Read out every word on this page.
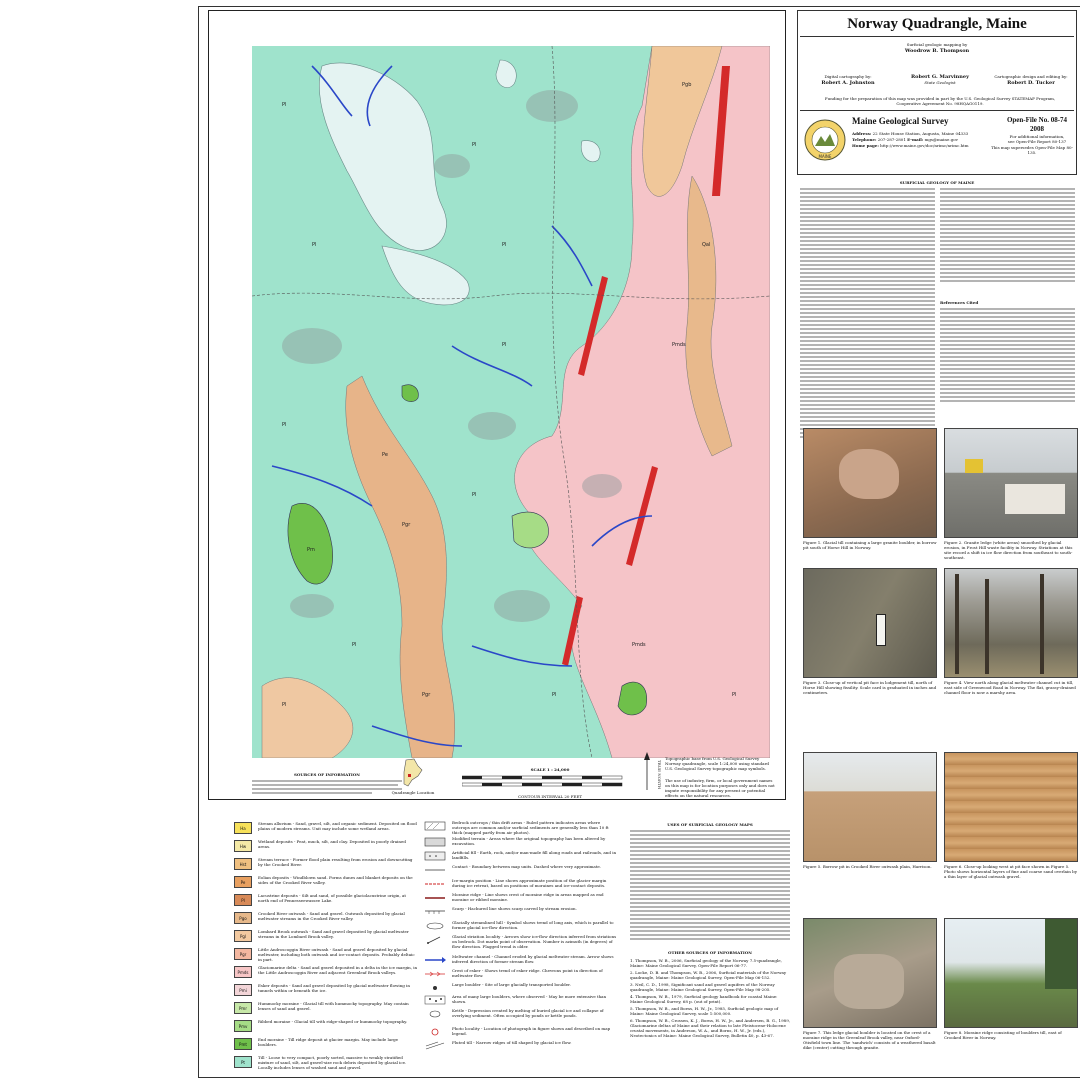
Pl
Pl
Pl
Pl
Pl
Pl
Pl
Pm
Pmds
Pmds
Pgr
Pgb
Pgr	Pl
Qal
Pl
Pl
Pe
Pl
SOURCES OF INFORMATION
Quadrangle Location
SCALE 1 : 24,000
CONTOUR INTERVAL 20 FEET
TRUE NORTH
Topographic base from U.S. Geological Survey Norway quadrangle, scale 1:24,000 using standard U.S. Geological Survey topographic map symbols.
The use of industry, firm, or local government names on this map is for location purposes only and does not impute responsibility for any present or potential effects on the natural resources.
Norway Quadrangle, Maine
Surficial geologic mapping by
Woodrow B. Thompson
Digital cartography by:
Robert A. Johnston
Robert G. Marvinney
State Geologist
Cartographic design and editing by:
Robert D. Tucker
Funding for the preparation of this map was provided in part by the U.S. Geological Survey STATEMAP Program, Cooperative Agreement No. 98HQAG0119.
MAINE
Maine Geological Survey
Address: 22 State House Station, Augusta, Maine 04333
Telephone: 207-287-2801 E-mail: mgs@maine.gov
Home page: http://www.maine.gov/doc/nrimc/nrimc.htm
Open-File No. 08-74
2008
For additional information,
see Open-File Report 80-137
This map supersedes Open-File Map 80-135.
SURFICIAL GEOLOGY OF MAINE
References Cited
Figure 1. Glacial till containing a large granite boulder, in borrow pit south of Horse Hill in Norway.
Figure 2. Granite ledge (white areas) smoothed by glacial erosion, in Frost Hill waste facility in Norway. Striations at this site record a shift in ice flow direction from southeast to south-southeast.
Figure 3. Close-up of vertical pit face in lodgement till, north of Horse Hill showing fissility. Scale card is graduated in inches and centimeters.
Figure 4. View north along glacial meltwater channel cut in till, east side of Greenwood Road in Norway. The flat, grassy-drained channel floor is now a marshy area.
Figure 5. Borrow pit in Crooked River outwash plain, Harrison.	Figure 6. Close-up looking west at pit face shown in Figure 5. Photo shows horizontal layers of fine and coarse sand overlain by a thin layer of glacial outwash gravel.
Figure 7. This ledge glacial boulder is located on the crest of a moraine ridge in the Greenleaf Brook valley, near Oxford-Otisfield town line. The 'sandwich' consists of a weathered basalt dike (center) cutting through granite.
Figure 8. Moraine ridge consisting of boulders till, east of Crooked River in Norway.
Ha
Stream alluvium - Sand, gravel, silt, and organic sediment. Deposited on flood plains of modern streams. Unit may include some wetland areas.
Hw
Wetland deposits - Peat, muck, silt, and clay. Deposited in poorly drained areas.
Hst
Stream terrace - Former flood plain resulting from erosion and downcutting by the Crooked River.
Pe
Eolian deposits - Windblown sand. Forms dunes and blanket deposits on the sides of the Crooked River valley.
Pl
Lacustrine deposits - Silt and sand, of possible glaciolacustrine origin, at north end of Pennesseewassee Lake.
Pgo
Crooked River outwash - Sand and gravel. Outwash deposited by glacial meltwater streams in the Crooked River valley.
Pgl
Lombard Brook outwash - Sand and gravel deposited by glacial meltwater streams in the Lombard Brook valley.
Pgr
Little Androscoggin River outwash - Sand and gravel deposited by glacial meltwater, including both outwash and ice-contact deposits. Probably deltaic in part.
Pmds
Glaciomarine delta - Sand and gravel deposited in a delta in the ice margin, in the Little Androscoggin River and adjacent Greenleaf Brook valleys.
Pmi
Esker deposits - Sand and gravel deposited by glacial meltwater flowing in tunnels within or beneath the ice.
Pmr
Hummocky moraine - Glacial till with hummocky topography. May contain lenses of sand and gravel.
Pmv
Ribbed moraine - Glacial till with ridge-shaped or hummocky topography.
Pmt
End moraine - Till ridge deposit at glacier margin. May include large boulders.
Pt
Till - Loose to very compact, poorly sorted, massive to weakly stratified mixture of sand, silt, and gravel-size rock debris deposited by glacial ice. Locally includes lenses of washed sand and gravel.
Bedrock outcrops / thin drift areas - Ruled pattern indicates areas where outcrops are common and/or surficial sediments are generally less than 10 ft thick (mapped partly from air photos).
Modified terrain - Areas where the original topography has been altered by excavation.
Artificial fill - Earth, rock, and/or man-made fill along roads and railroads, and in landfills.
Contact - Boundary between map units. Dashed where very approximate.
Ice-margin position - Line shows approximate position of the glacier margin during ice retreat, based on positions of moraines and ice-contact deposits.
Moraine ridge - Line shows crest of moraine ridge in areas mapped as end moraine or ribbed moraine.
Scarp - Hachured line shows scarp carved by stream erosion.
Glacially streamlined hill - Symbol shows trend of long axis, which is parallel to former glacial ice-flow direction.
Glacial striation locality - Arrows show ice-flow direction inferred from striations on bedrock. Dot marks point of observation. Number is azimuth (in degrees) of flow direction. Flagged trend is older.
Meltwater channel - Channel eroded by glacial meltwater stream. Arrow shows inferred direction of former stream flow.
Crest of esker - Shows trend of esker ridge. Chevrons point in direction of meltwater flow.
Large boulder - Site of large glacially transported boulder.
Area of many large boulders, where observed - May be more extensive than shown.
Kettle - Depression created by melting of buried glacial ice and collapse of overlying sediment. Often occupied by ponds or kettle ponds.
Photo locality - Location of photograph in figure shown and described on map legend.
Fluted till - Narrow ridges of till shaped by glacial ice flow.
USES OF SURFICIAL GEOLOGY MAPS
OTHER SOURCES OF INFORMATION
1. Thompson, W. B., 2006, Surficial geology of the Norway 7.5-quadrangle, Maine: Maine Geological Survey, Open-File Report 06-77.
2. Locke, D. B. and Thompson, W. B., 2006, Surficial materials of the Norway quadrangle, Maine: Maine Geological Survey, Open-File Map 06-152.
3. Neil, C. D., 1998, Significant sand and gravel aquifers of the Norway quadrangle, Maine: Maine Geological Survey, Open-File Map 98-205.
4. Thompson, W. B., 1979, Surficial geology handbook for coastal Maine: Maine Geological Survey, 68 p. (out of print).
5. Thompson, W. B., and Borns, H. W., Jr., 1985, Surficial geologic map of Maine: Maine Geological Survey, scale 1:500,000.
6. Thompson, W. B., Crossen, K. J., Borns, H. W., Jr., and Andersen, B. G., 1989, Glaciomarine deltas of Maine and their relation to late Pleistocene-Holocene crustal movements, in Anderson, W. A., and Borns, H. W., Jr. (eds.), Neotectonics of Maine: Maine Geological Survey, Bulletin 40, p. 43-67.
